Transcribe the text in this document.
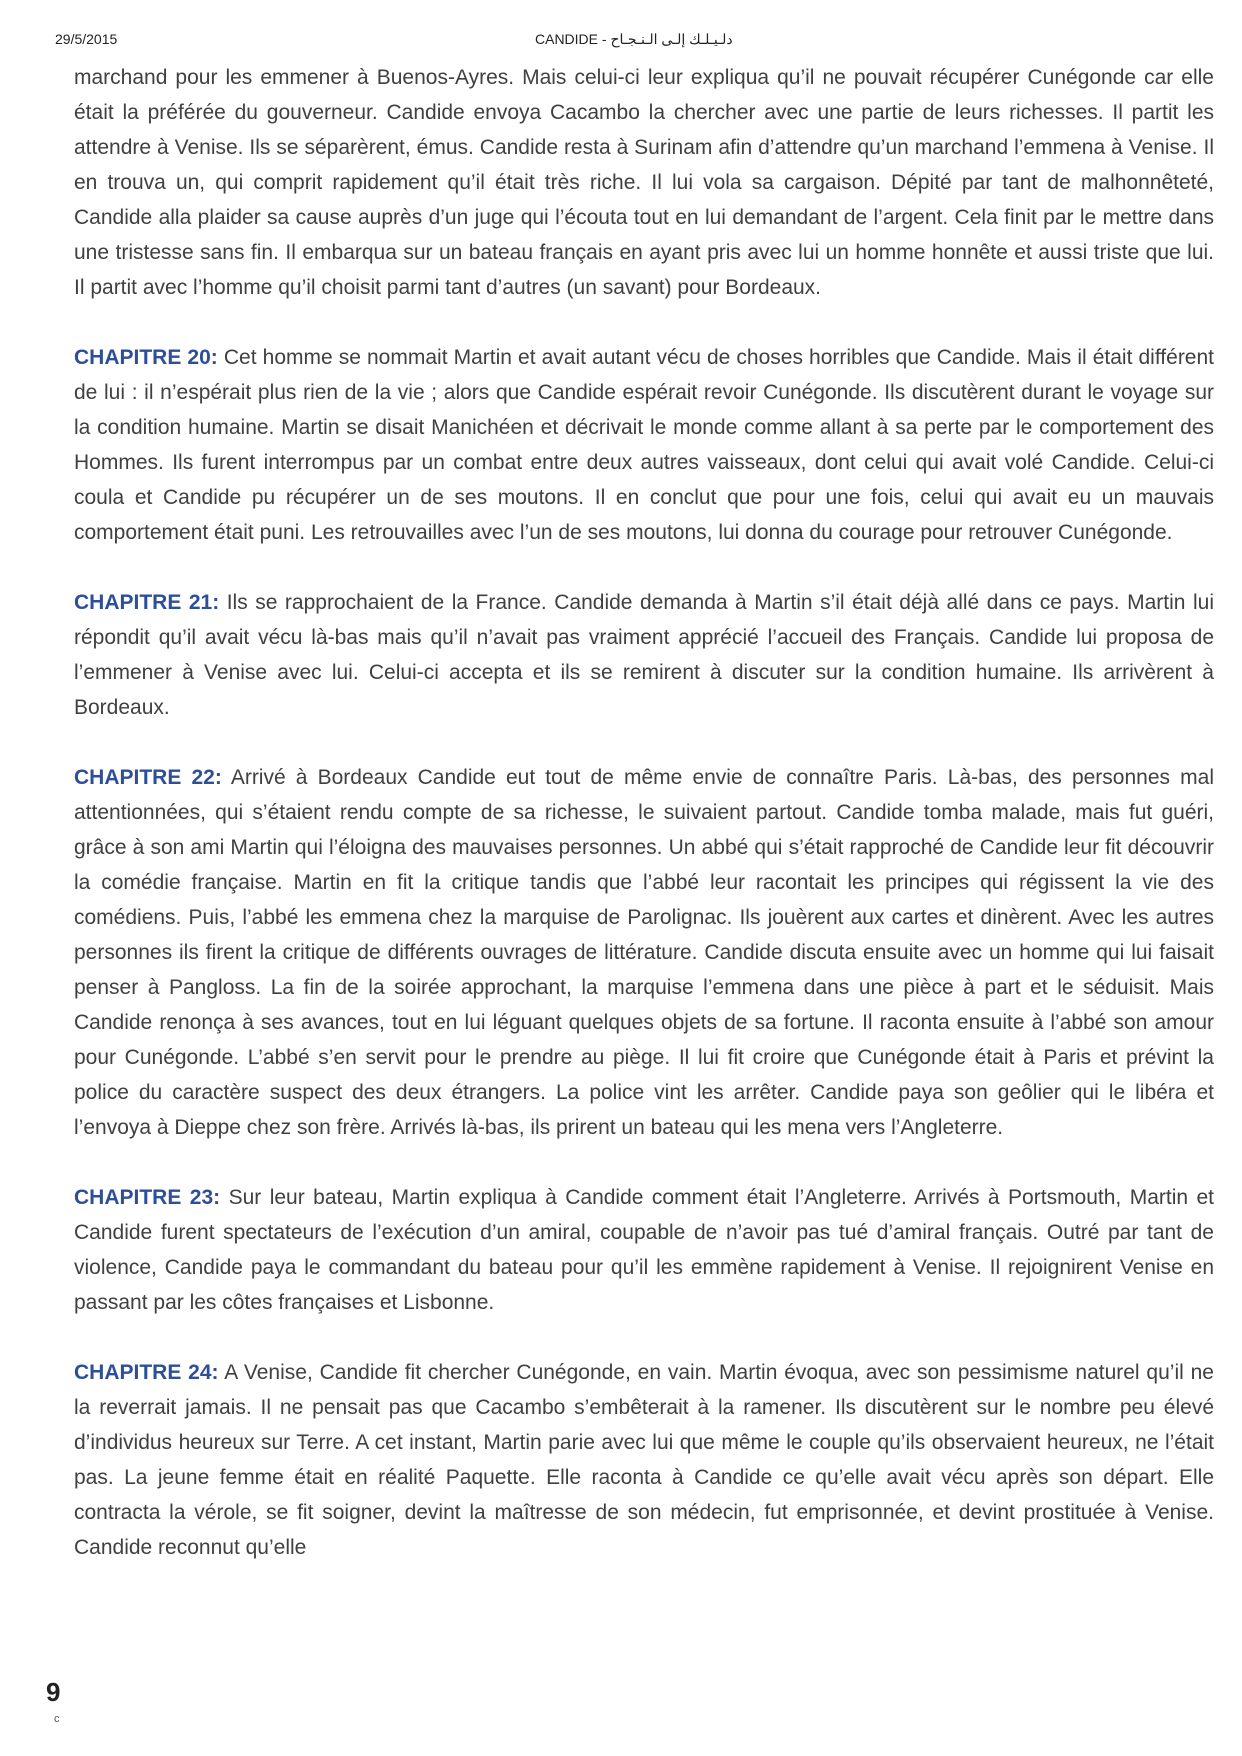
29/5/2015	CANDIDE - دلـيـلـك إلـى الـنـجـاح

marchand pour les emmener à Buenos-Ayres. Mais celui-ci leur expliqua qu’il ne pouvait récupérer Cunégonde car elle était la préférée du gouverneur. Candide envoya Cacambo la chercher avec une partie de leurs richesses. Il partit les attendre à Venise. Ils se séparèrent, émus. Candide resta à Surinam afin d’attendre qu’un marchand l’emmena à Venise. Il en trouva un, qui comprit rapidement qu’il était très riche. Il lui vola sa cargaison. Dépité par tant de malhonnêteté, Candide alla plaider sa cause auprès d’un juge qui l’écouta tout en lui demandant de l’argent. Cela finit par le mettre dans une tristesse sans fin. Il embarqua sur un bateau français en ayant pris avec lui un homme honnête et aussi triste que lui. Il partit avec l’homme qu’il choisit parmi tant d’autres (un savant) pour Bordeaux.

CHAPITRE 20: Cet homme se nommait Martin et avait autant vécu de choses horribles que Candide. Mais il était différent de lui : il n’espérait plus rien de la vie ; alors que Candide espérait revoir Cunégonde. Ils discutèrent durant le voyage sur la condition humaine. Martin se disait Manichéen et décrivait le monde comme allant à sa perte par le comportement des Hommes. Ils furent interrompus par un combat entre deux autres vaisseaux, dont celui qui avait volé Candide. Celui-ci coula et Candide pu récupérer un de ses moutons. Il en conclut que pour une fois, celui qui avait eu un mauvais comportement était puni. Les retrouvailles avec l’un de ses moutons, lui donna du courage pour retrouver Cunégonde.

CHAPITRE 21: Ils se rapprochaient de la France. Candide demanda à Martin s’il était déjà allé dans ce pays. Martin lui répondit qu’il avait vécu là-bas mais qu’il n’avait pas vraiment apprécié l’accueil des Français. Candide lui proposa de l’emmener à Venise avec lui. Celui-ci accepta et ils se remirent à discuter sur la condition humaine. Ils arrivèrent à Bordeaux.

CHAPITRE 22: Arrivé à Bordeaux Candide eut tout de même envie de connaître Paris. Là-bas, des personnes mal attentionnées, qui s’étaient rendu compte de sa richesse, le suivaient partout. Candide tomba malade, mais fut guéri, grâce à son ami Martin qui l’éloigna des mauvaises personnes. Un abbé qui s’était rapproché de Candide leur fit découvrir la comédie française. Martin en fit la critique tandis que l’abbé leur racontait les principes qui régissent la vie des comédiens. Puis, l’abbé les emmena chez la marquise de Parolignac. Ils jouèrent aux cartes et dinèrent. Avec les autres personnes ils firent la critique de différents ouvrages de littérature. Candide discuta ensuite avec un homme qui lui faisait penser à Pangloss. La fin de la soirée approchant, la marquise l’emmena dans une pièce à part et le séduisit. Mais Candide renonça à ses avances, tout en lui léguant quelques objets de sa fortune. Il raconta ensuite à l’abbé son amour pour Cunégonde. L’abbé s’en servit pour le prendre au piège. Il lui fit croire que Cunégonde était à Paris et prévint la police du caractère suspect des deux étrangers. La police vint les arrêter. Candide paya son geôlier qui le libéra et l’envoya à Dieppe chez son frère. Arrivés là-bas, ils prirent un bateau qui les mena vers l’Angleterre.

CHAPITRE 23: Sur leur bateau, Martin expliqua à Candide comment était l’Angleterre. Arrivés à Portsmouth, Martin et Candide furent spectateurs de l’exécution d’un amiral, coupable de n’avoir pas tué d’amiral français. Outré par tant de violence, Candide paya le commandant du bateau pour qu’il les emmène rapidement à Venise. Il rejoignirent Venise en passant par les côtes françaises et Lisbonne.

CHAPITRE 24: A Venise, Candide fit chercher Cunégonde, en vain. Martin évoqua, avec son pessimisme naturel qu’il ne la reverrait jamais. Il ne pensait pas que Cacambo s’embêterait à la ramener. Ils discutèrent sur le nombre peu élevé d’individus heureux sur Terre. A cet instant, Martin parie avec lui que même le couple qu’ils observaient heureux, ne l’était pas. La jeune femme était en réalité Paquette. Elle raconta à Candide ce qu’elle avait vécu après son départ. Elle contracta la vérole, se fit soigner, devint la maîtresse de son médecin, fut emprisonnée, et devint prostituée à Venise. Candide reconnut qu’elle

9
c
